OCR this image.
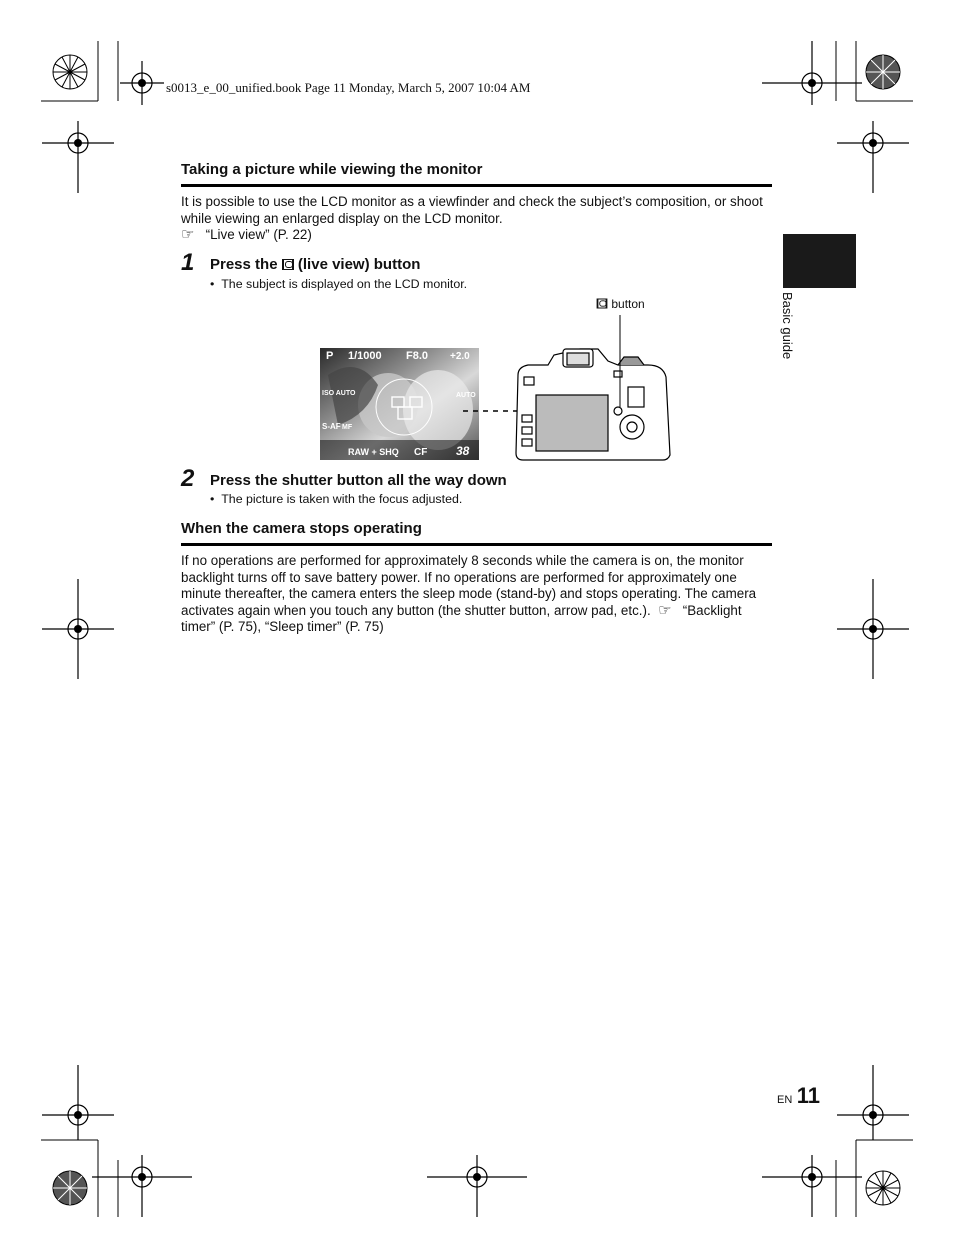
s0013_e_00_unified.book Page 11 Monday, March 5, 2007 10:04 AM
Taking a picture while viewing the monitor
It is possible to use the LCD monitor as a viewfinder and check the subject’s composition, or shoot while viewing an enlarged display on the LCD monitor.
☞ “Live view” (P. 22)
1 Press the (live view) button
•  The subject is displayed on the LCD monitor.
button
P 1/1000 F8.0 +2.0
AUTO
ISO AUTO
S-AF MF
RAW + SHQ CF 38
2 Press the shutter button all the way down
•  The picture is taken with the focus adjusted.
When the camera stops operating
If no operations are performed for approximately 8 seconds while the camera is on, the monitor backlight turns off to save battery power. If no operations are performed for approximately one minute thereafter, the camera enters the sleep mode (stand-by) and stops operating. The camera activates again when you touch any button (the shutter button, arrow pad, etc.). ☞ “Backlight timer” (P. 75), “Sleep timer” (P. 75)
Basic guide
EN 11
